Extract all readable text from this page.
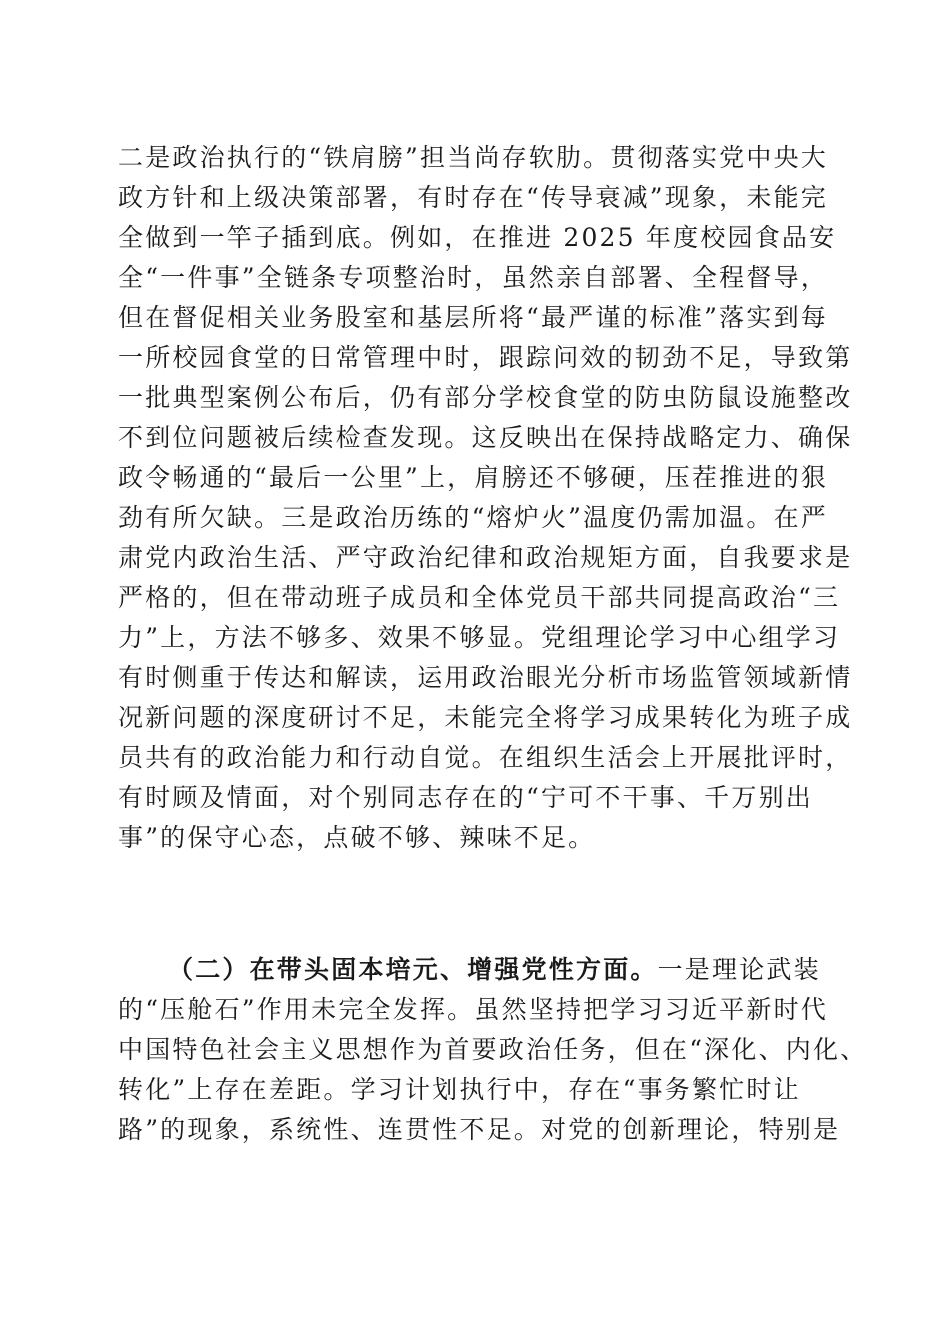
二是政治执行的“铁肩膀”担当尚存软肋。贯彻落实党中央大
政方针和上级决策部署，有时存在“传导衰减”现象，未能完
全做到一竿子插到底。例如，在推进 2025 年度校园食品安
全“一件事”全链条专项整治时，虽然亲自部署、全程督导，
但在督促相关业务股室和基层所将“最严谨的标准”落实到每
一所校园食堂的日常管理中时，跟踪问效的韧劲不足，导致第
一批典型案例公布后，仍有部分学校食堂的防虫防鼠设施整改
不到位问题被后续检查发现。这反映出在保持战略定力、确保
政令畅通的“最后一公里”上，肩膀还不够硬，压茬推进的狠
劲有所欠缺。三是政治历练的“熔炉火”温度仍需加温。在严
肃党内政治生活、严守政治纪律和政治规矩方面，自我要求是
严格的，但在带动班子成员和全体党员干部共同提高政治“三
力”上，方法不够多、效果不够显。党组理论学习中心组学习
有时侧重于传达和解读，运用政治眼光分析市场监管领域新情
况新问题的深度研讨不足，未能完全将学习成果转化为班子成
员共有的政治能力和行动自觉。在组织生活会上开展批评时，
有时顾及情面，对个别同志存在的“宁可不干事、千万别出
事”的保守心态，点破不够、辣味不足。
（二）在带头固本培元、增强党性方面。一是理论武装
的“压舱石”作用未完全发挥。虽然坚持把学习习近平新时代
中国特色社会主义思想作为首要政治任务，但在“深化、内化、
转化”上存在差距。学习计划执行中，存在“事务繁忙时让
路”的现象，系统性、连贯性不足。对党的创新理论，特别是
